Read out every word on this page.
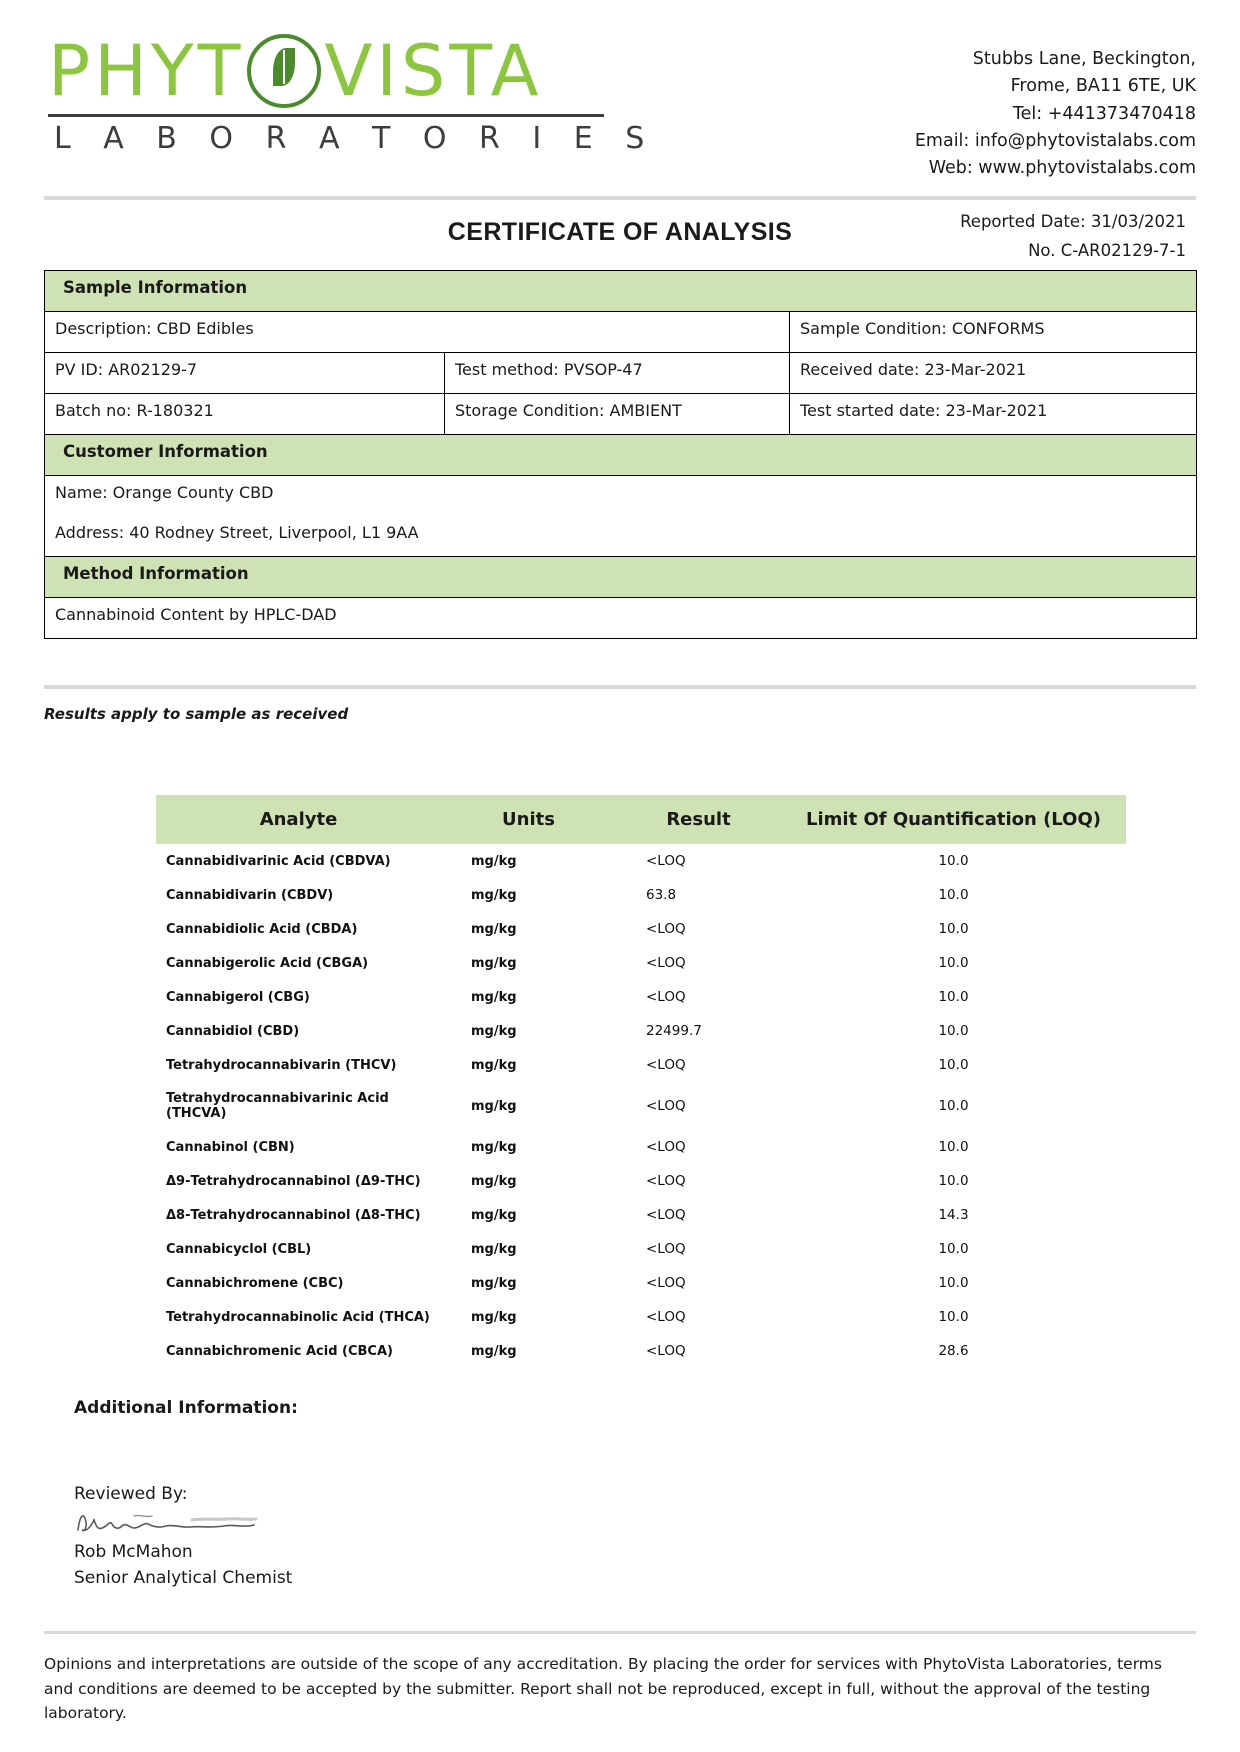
PHYT VISTA
L A B O R A T O R I E S
Stubbs Lane, Beckington,
Frome, BA11 6TE, UK
Tel: +441373470418
Email: info@phytovistalabs.com
Web: www.phytovistalabs.com
CERTIFICATE OF ANALYSIS	Reported Date: 31/03/2021
No. C-AR02129-7-1
Sample Information		
Description: CBD Edibles		Sample Condition: CONFORMS
PV ID: AR02129-7	Test method: PVSOP-47	Received date: 23-Mar-2021
Batch no: R-180321	Storage Condition: AMBIENT	Test started date: 23-Mar-2021
Customer Information		
Name: Orange County CBD		
Address: 40 Rodney Street, Liverpool, L1 9AA		
Method Information		
Cannabinoid Content by HPLC-DAD		
Results apply to sample as received
Analyte	Units	Result	Limit Of Quantification (LOQ)
Cannabidivarinic Acid (CBDVA)	mg/kg	<LOQ	10.0
Cannabidivarin (CBDV)	mg/kg	63.8	10.0
Cannabidiolic Acid (CBDA)	mg/kg	<LOQ	10.0
Cannabigerolic Acid (CBGA)	mg/kg	<LOQ	10.0
Cannabigerol (CBG)	mg/kg	<LOQ	10.0
Cannabidiol (CBD)	mg/kg	22499.7	10.0
Tetrahydrocannabivarin (THCV)	mg/kg	<LOQ	10.0
Tetrahydrocannabivarinic Acid (THCVA)	mg/kg	<LOQ	10.0
Cannabinol (CBN)	mg/kg	<LOQ	10.0
Δ9-Tetrahydrocannabinol (Δ9-THC)	mg/kg	<LOQ	10.0
Δ8-Tetrahydrocannabinol (Δ8-THC)	mg/kg	<LOQ	14.3
Cannabicyclol (CBL)	mg/kg	<LOQ	10.0
Cannabichromene (CBC)	mg/kg	<LOQ	10.0
Tetrahydrocannabinolic Acid (THCA)	mg/kg	<LOQ	10.0
Cannabichromenic Acid (CBCA)	mg/kg	<LOQ	28.6
Additional Information:
Reviewed By:
Rob McMahon
Senior Analytical Chemist
Opinions and interpretations are outside of the scope of any accreditation. By placing the order for services with PhytoVista Laboratories, terms and conditions are deemed to be accepted by the submitter. Report shall not be reproduced, except in full, without the approval of the testing laboratory.
